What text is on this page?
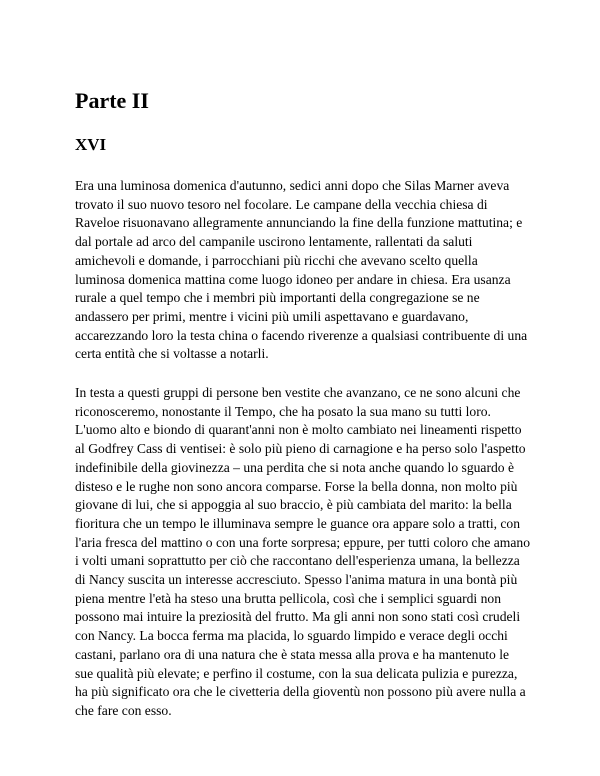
Parte II
XVI

Era una luminosa domenica d'autunno, sedici anni dopo che Silas Marner aveva trovato il suo nuovo tesoro nel focolare. Le campane della vecchia chiesa di Raveloe risuonavano allegramente annunciando la fine della funzione mattutina; e dal portale ad arco del campanile uscirono lentamente, rallentati da saluti amichevoli e domande, i parrocchiani più ricchi che avevano scelto quella luminosa domenica mattina come luogo idoneo per andare in chiesa. Era usanza rurale a quel tempo che i membri più importanti della congregazione se ne andassero per primi, mentre i vicini più umili aspettavano e guardavano, accarezzando loro la testa china o facendo riverenze a qualsiasi contribuente di una certa entità che si voltasse a notarli.

In testa a questi gruppi di persone ben vestite che avanzano, ce ne sono alcuni che riconosceremo, nonostante il Tempo, che ha posato la sua mano su tutti loro. L'uomo alto e biondo di quarant'anni non è molto cambiato nei lineamenti rispetto al Godfrey Cass di ventisei: è solo più pieno di carnagione e ha perso solo l'aspetto indefinibile della giovinezza – una perdita che si nota anche quando lo sguardo è disteso e le rughe non sono ancora comparse. Forse la bella donna, non molto più giovane di lui, che si appoggia al suo braccio, è più cambiata del marito: la bella fioritura che un tempo le illuminava sempre le guance ora appare solo a tratti, con l'aria fresca del mattino o con una forte sorpresa; eppure, per tutti coloro che amano i volti umani soprattutto per ciò che raccontano dell'esperienza umana, la bellezza di Nancy suscita un interesse accresciuto. Spesso l'anima matura in una bontà più piena mentre l'età ha steso una brutta pellicola, così che i semplici sguardi non possono mai intuire la preziosità del frutto. Ma gli anni non sono stati così crudeli con Nancy. La bocca ferma ma placida, lo sguardo limpido e verace degli occhi castani, parlano ora di una natura che è stata messa alla prova e ha mantenuto le sue qualità più elevate; e perfino il costume, con la sua delicata pulizia e purezza, ha più significato ora che le civetteria della gioventù non possono più avere nulla a che fare con esso.
